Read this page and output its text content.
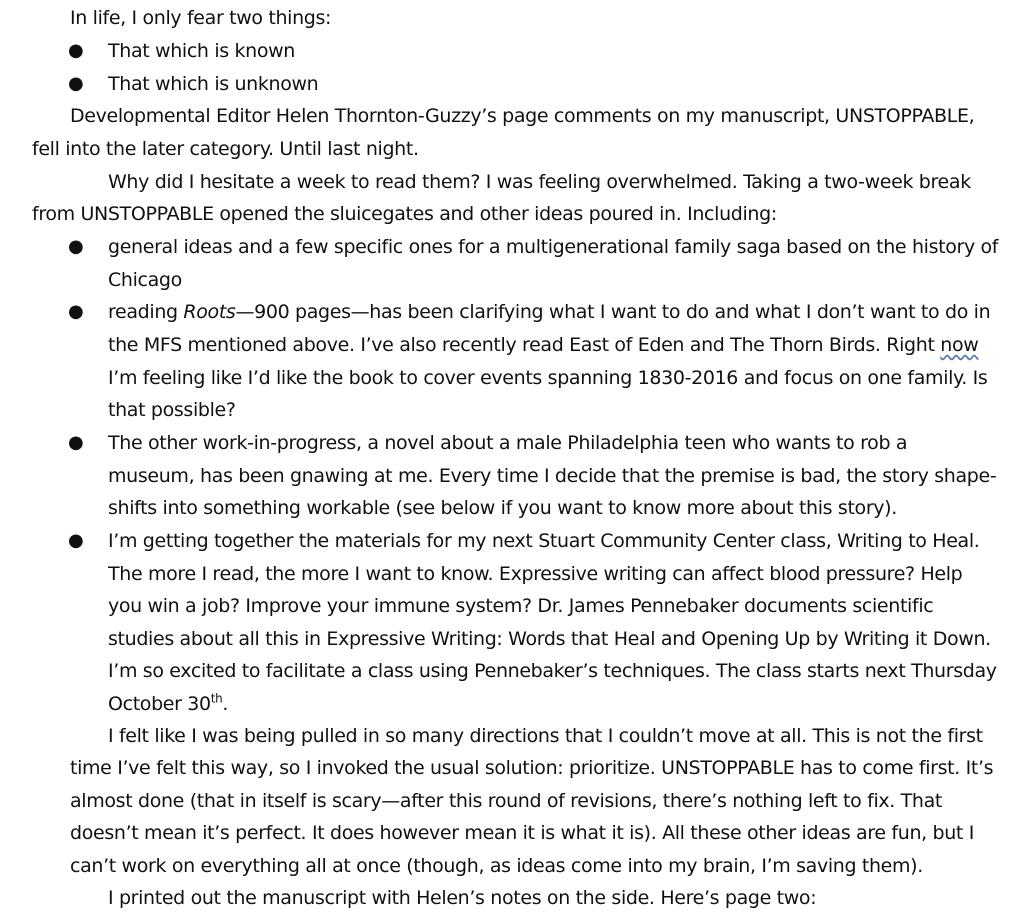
In life, I only fear two things:
● That which is known
● That which is unknown
Developmental Editor Helen Thornton-Guzzy’s page comments on my manuscript, UNSTOPPABLE,
fell into the later category. Until last night.
Why did I hesitate a week to read them? I was feeling overwhelmed. Taking a two-week break
from UNSTOPPABLE opened the sluicegates and other ideas poured in. Including:
● general ideas and a few specific ones for a multigenerational family saga based on the history of
Chicago
● reading Roots—900 pages—has been clarifying what I want to do and what I don’t want to do in
the MFS mentioned above. I’ve also recently read East of Eden and The Thorn Birds. Right now
I’m feeling like I’d like the book to cover events spanning 1830-2016 and focus on one family. Is
that possible?
● The other work-in-progress, a novel about a male Philadelphia teen who wants to rob a
museum, has been gnawing at me. Every time I decide that the premise is bad, the story shape-
shifts into something workable (see below if you want to know more about this story).
● I’m getting together the materials for my next Stuart Community Center class, Writing to Heal.
The more I read, the more I want to know. Expressive writing can affect blood pressure? Help
you win a job? Improve your immune system? Dr. James Pennebaker documents scientific
studies about all this in Expressive Writing: Words that Heal and Opening Up by Writing it Down.
I’m so excited to facilitate a class using Pennebaker’s techniques. The class starts next Thursday
October 30th.
I felt like I was being pulled in so many directions that I couldn’t move at all. This is not the first
time I’ve felt this way, so I invoked the usual solution: prioritize. UNSTOPPABLE has to come first. It’s
almost done (that in itself is scary—after this round of revisions, there’s nothing left to fix. That
doesn’t mean it’s perfect. It does however mean it is what it is). All these other ideas are fun, but I
can’t work on everything all at once (though, as ideas come into my brain, I’m saving them).
I printed out the manuscript with Helen’s notes on the side. Here’s page two:
